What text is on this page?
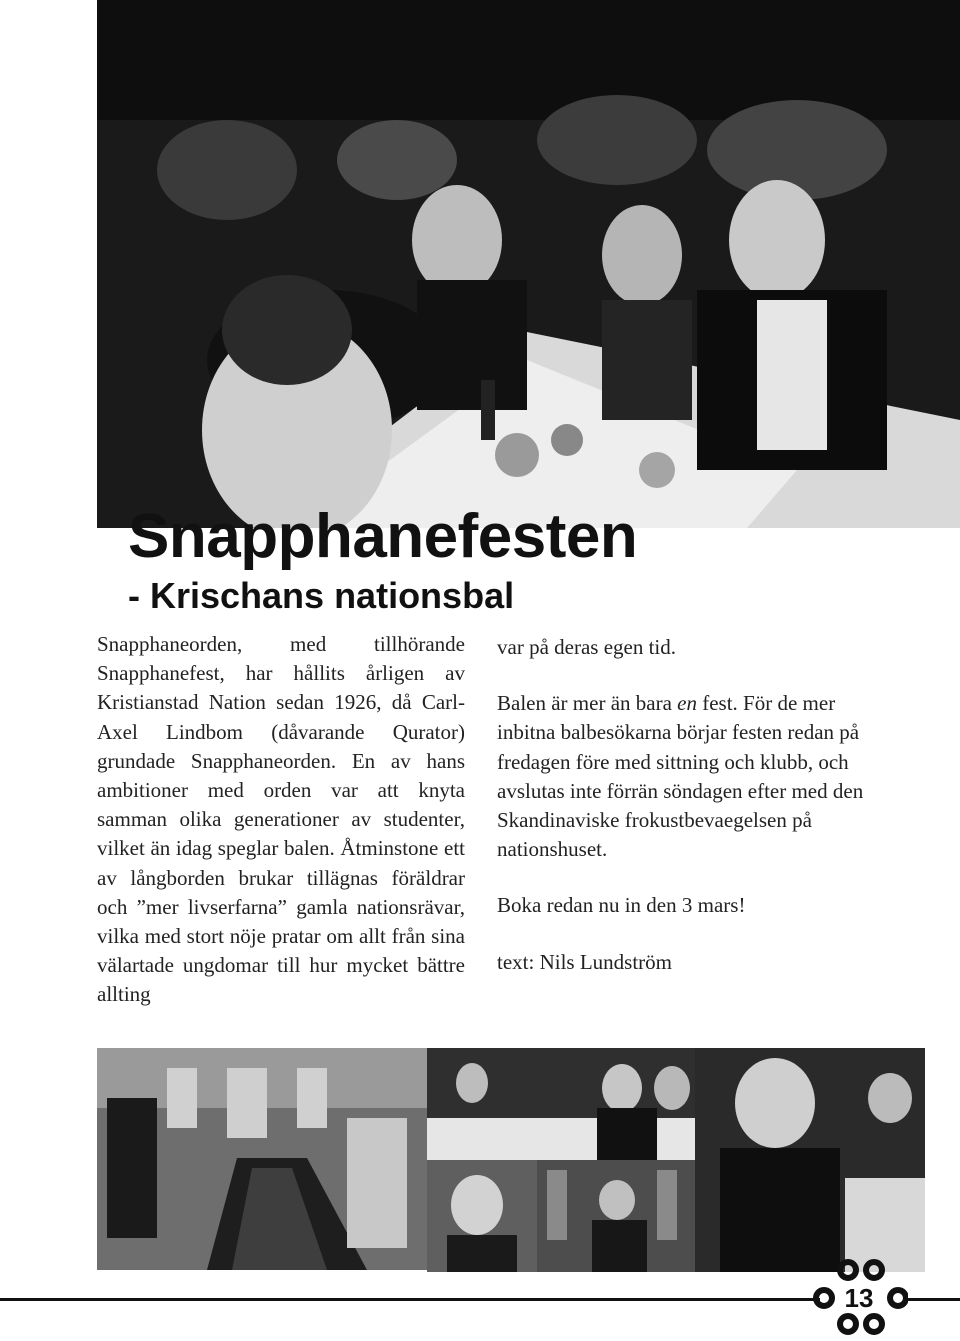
Snapphanefesten
- Krischans nationsbal

Snapphaneorden, med tillhörande Snapphanefest, har hållits årligen av Kristianstad Nation sedan 1926, då Carl-Axel Lindbom (dåvarande Qurator) grundade Snapphaneorden. En av hans ambitioner med orden var att knyta samman olika generationer av studenter, vilket än idag speglar balen. Åtminstone ett av långborden brukar tillägnas föräldrar och ”mer livserfarna” gamla nationsrävar, vilka med stort nöje pratar om allt från sina välartade ungdomar till hur mycket bättre allting

var på deras egen tid.

Balen är mer än bara en fest. För de mer inbitna balbesökarna börjar festen redan på fredagen före med sittning och klubb, och avslutas inte förrän söndagen efter med den Skandinaviske frokustbevaegelsen på nationshuset.

Boka redan nu in den 3 mars!

text: Nils Lundström

13
